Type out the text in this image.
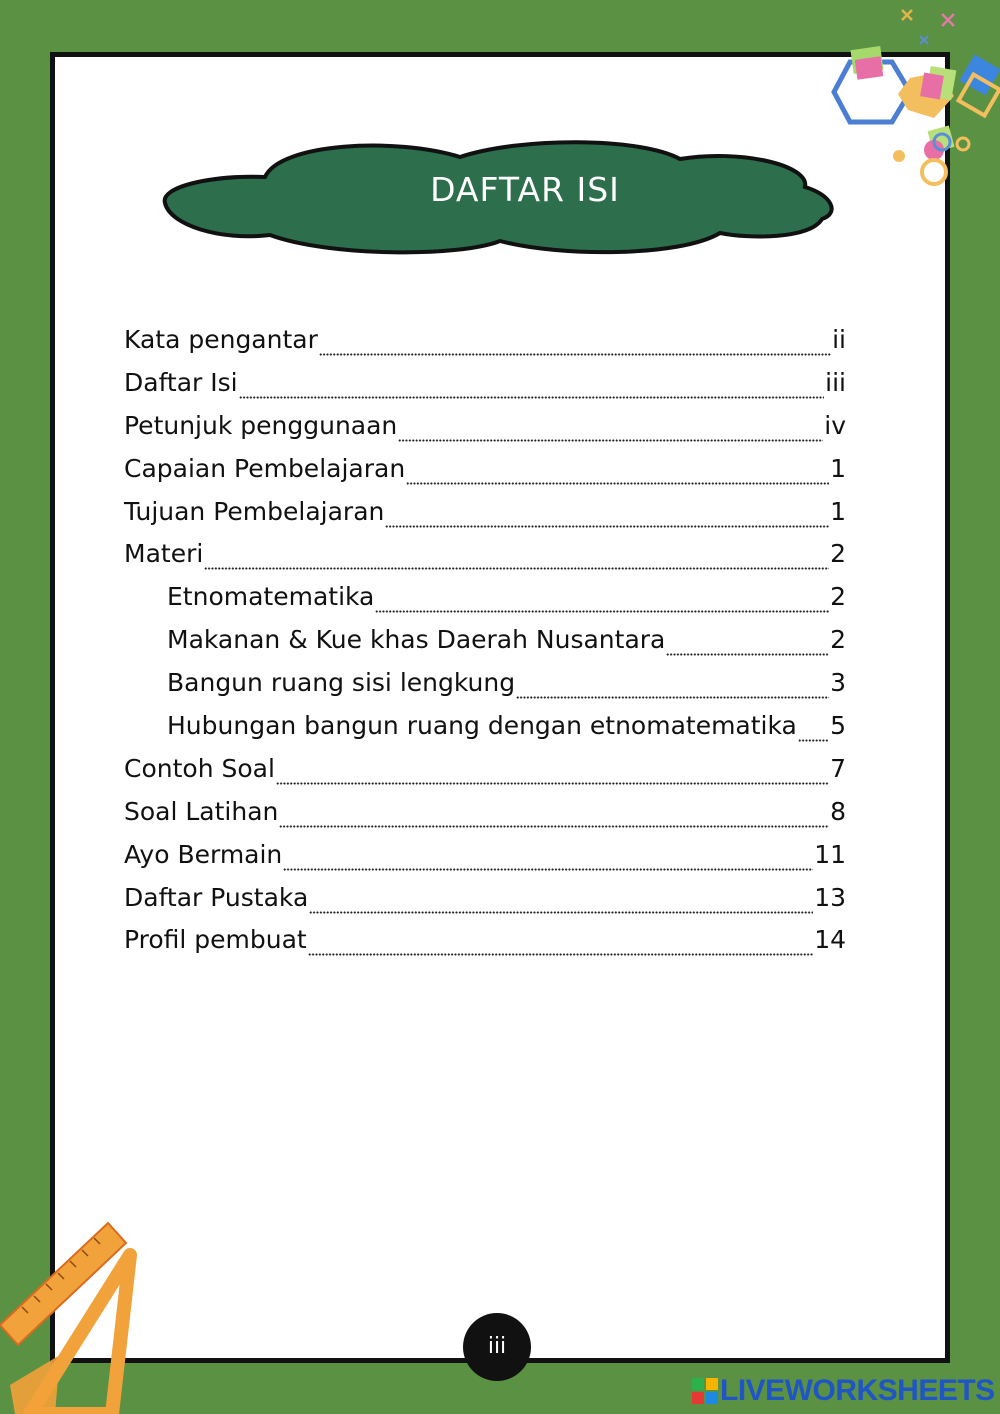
DAFTAR ISI
Kata pengantar	ii
Daftar Isi	iii
Petunjuk penggunaan	iv
Capaian Pembelajaran	1
Tujuan Pembelajaran	1
Materi	2
Etnomatematika	2
Makanan & Kue khas Daerah Nusantara	2
Bangun ruang sisi lengkung	3
Hubungan bangun ruang dengan etnomatematika 5
Contoh Soal	7
Soal Latihan	8
Ayo Bermain	11
Daftar Pustaka	13
Profil pembuat	14
iii
LIVEWORKSHEETS
